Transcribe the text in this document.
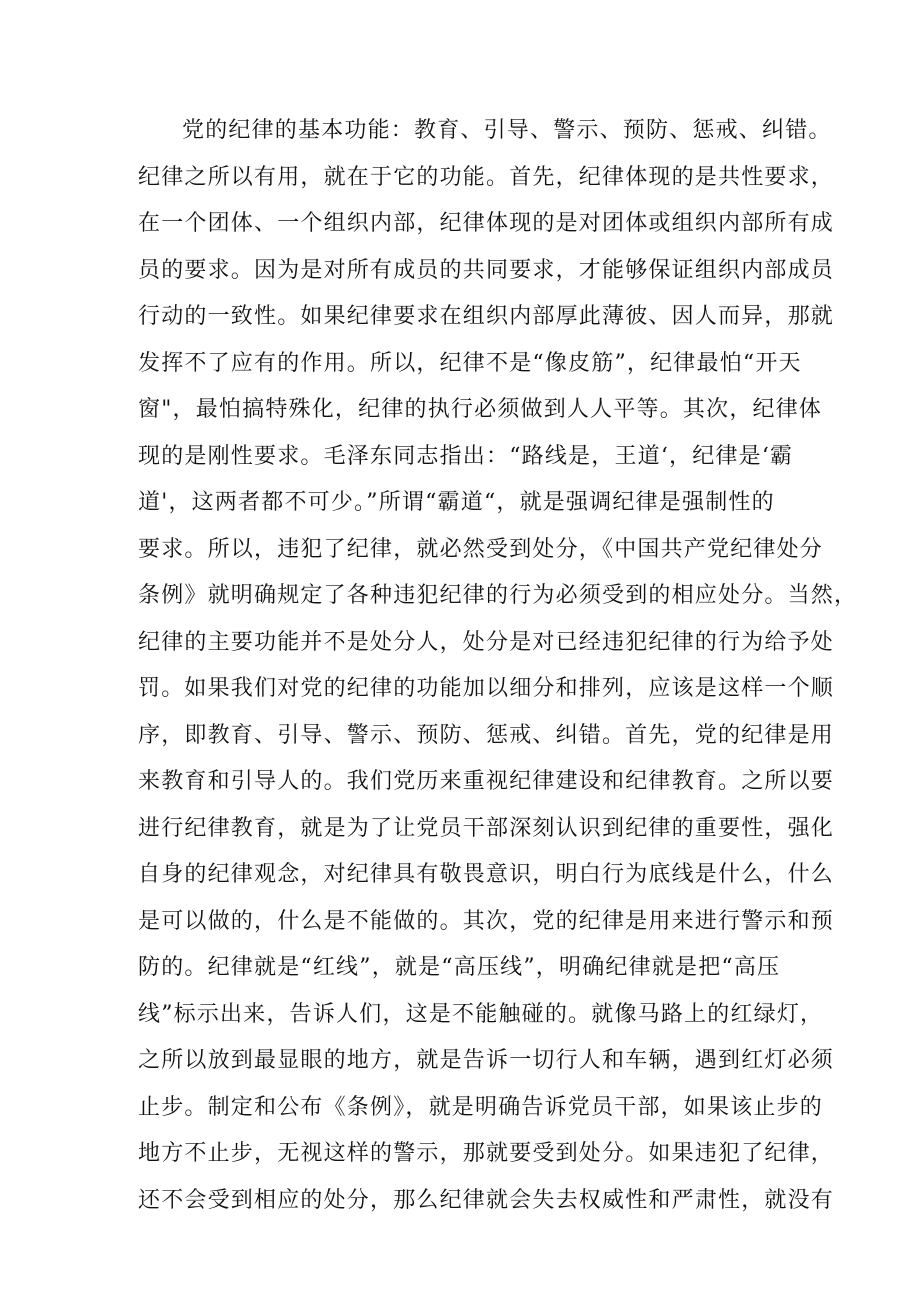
党的纪律的基本功能：教育、引导、警示、预防、惩戒、纠错。
纪律之所以有用，就在于它的功能。首先，纪律体现的是共性要求，
在一个团体、一个组织内部，纪律体现的是对团体或组织内部所有成
员的要求。因为是对所有成员的共同要求，才能够保证组织内部成员
行动的一致性。如果纪律要求在组织内部厚此薄彼、因人而异，那就
发挥不了应有的作用。所以，纪律不是“像皮筋”，纪律最怕“开天
窗"，最怕搞特殊化，纪律的执行必须做到人人平等。其次，纪律体
现的是刚性要求。毛泽东同志指出：“路线是，王道‘，纪律是‘霸
道'，这两者都不可少。”所谓“霸道“，就是强调纪律是强制性的
要求。所以，违犯了纪律，就必然受到处分，《中国共产党纪律处分
条例》就明确规定了各种违犯纪律的行为必须受到的相应处分。当然，
纪律的主要功能并不是处分人，处分是对已经违犯纪律的行为给予处
罚。如果我们对党的纪律的功能加以细分和排列，应该是这样一个顺
序，即教育、引导、警示、预防、惩戒、纠错。首先，党的纪律是用
来教育和引导人的。我们党历来重视纪律建设和纪律教育。之所以要
进行纪律教育，就是为了让党员干部深刻认识到纪律的重要性，强化
自身的纪律观念，对纪律具有敬畏意识，明白行为底线是什么，什么
是可以做的，什么是不能做的。其次，党的纪律是用来进行警示和预
防的。纪律就是“红线”，就是“高压线”，明确纪律就是把“高压
线”标示出来，告诉人们，这是不能触碰的。就像马路上的红绿灯，
之所以放到最显眼的地方，就是告诉一切行人和车辆，遇到红灯必须
止步。制定和公布《条例》，就是明确告诉党员干部，如果该止步的
地方不止步，无视这样的警示，那就要受到处分。如果违犯了纪律，
还不会受到相应的处分，那么纪律就会失去权威性和严肃性，就没有
